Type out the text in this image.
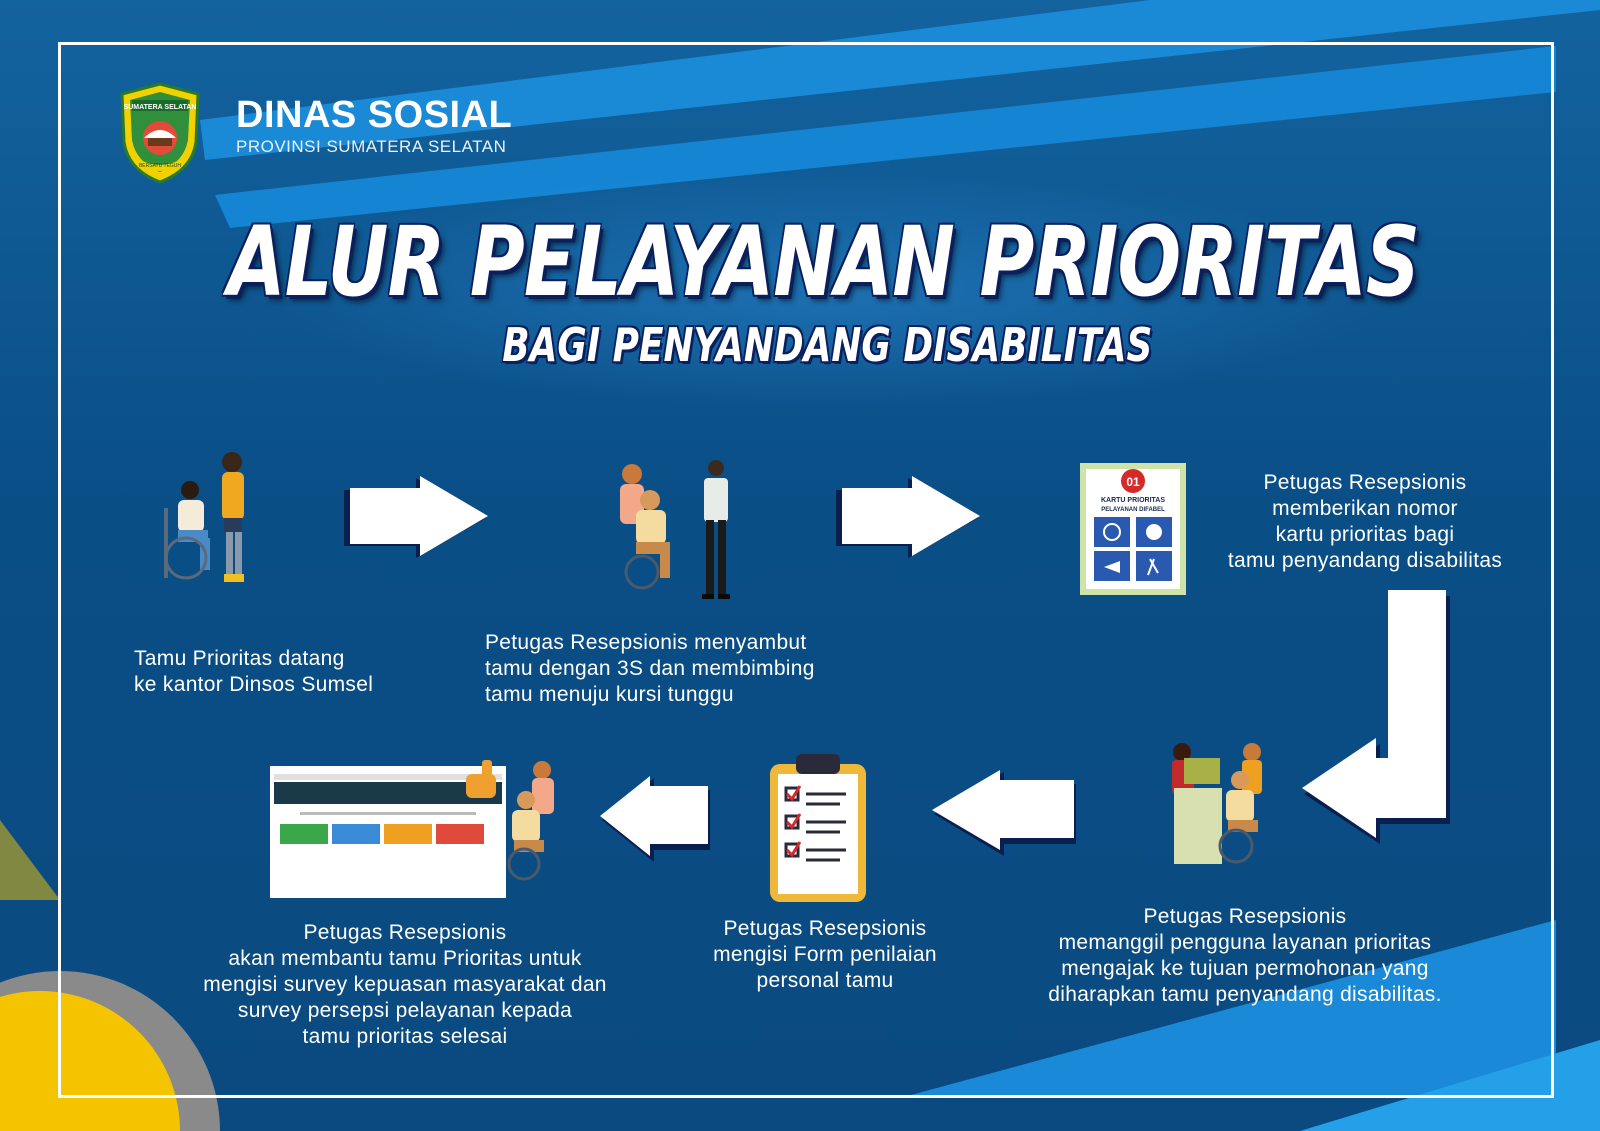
SUMATERA SELATAN
BERSATU TEGUH
DINAS SOSIAL
PROVINSI SUMATERA SELATAN
ALUR PELAYANAN PRIORITAS
BAGI PENYANDANG DISABILITAS
01
KARTU PRIORITAS
PELAYANAN DIFABEL
Tamu Prioritas datang
ke kantor Dinsos Sumsel
Petugas Resepsionis menyambut
tamu dengan 3S dan membimbing
tamu menuju kursi tunggu
Petugas Resepsionis
memberikan nomor
kartu prioritas bagi
tamu penyandang disabilitas
Petugas Resepsionis
memanggil pengguna layanan prioritas
mengajak ke tujuan permohonan yang
diharapkan tamu penyandang disabilitas.
Petugas Resepsionis
mengisi Form penilaian
personal tamu
Petugas Resepsionis
akan membantu tamu Prioritas untuk
mengisi survey kepuasan masyarakat dan
survey persepsi pelayanan kepada
tamu prioritas selesai
